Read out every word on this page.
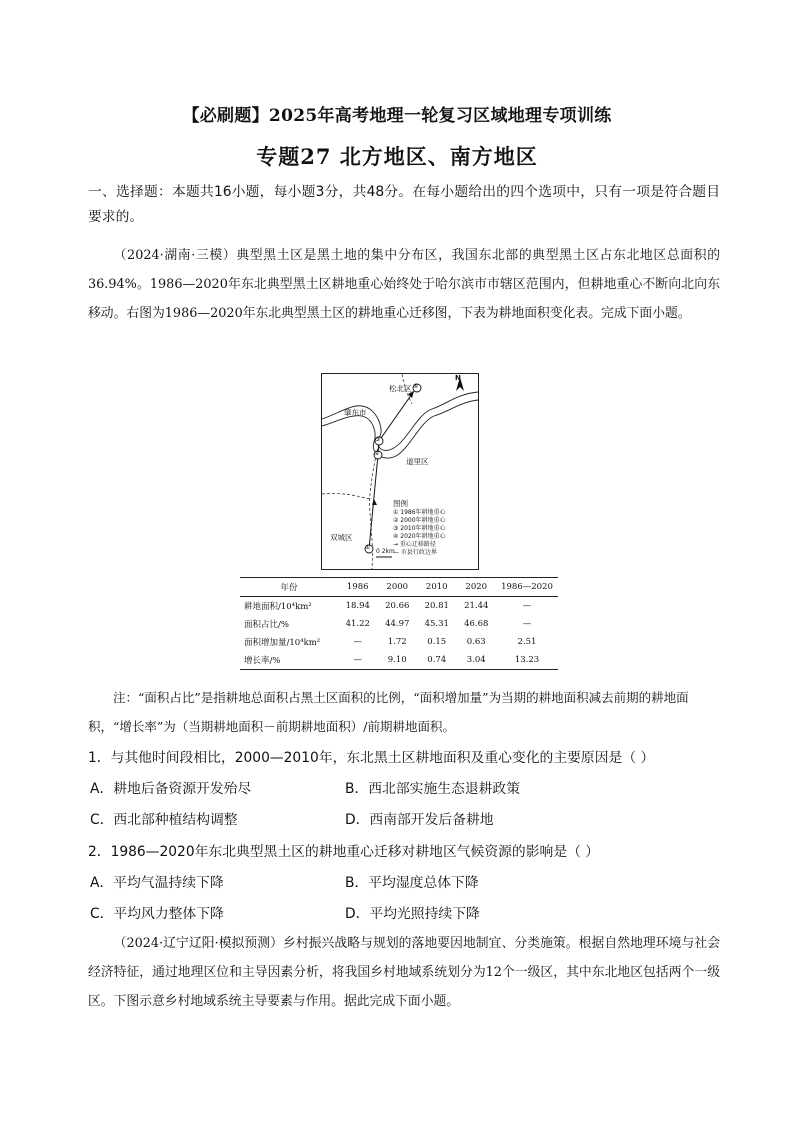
【必刷题】2025年高考地理一轮复习区域地理专项训练
专题27 北方地区、南方地区
一、选择题：本题共16小题，每小题3分，共48分。在每小题给出的四个选项中，只有一项是符合题目要求的。
（2024·湖南·三模）典型黑土区是黑土地的集中分布区，我国东北部的典型黑土区占东北地区总面积的36.94%。1986—2020年东北典型黑土区耕地重心始终处于哈尔滨市市辖区范围内，但耕地重心不断向北向东移动。右图为1986—2020年东北典型黑土区的耕地重心迁移图，下表为耕地面积变化表。完成下面小题。
①
②
③
④
松北区
肇东市
道里区
双城区
N
0 2km
图例
① 1986年耕地重心
② 2000年耕地重心
③ 2010年耕地重心
④ 2020年耕地重心
→ 重心迁移路径
— 市县行政边界
年份	1986	2000	2010	2020	1986—2020
耕地面积/10⁴km²	18.94	20.66	20.81	21.44	—
面积占比/%	41.22	44.97	45.31	46.68	—
面积增加量/10⁴km²	—	1.72	0.15	0.63	2.51
增长率/%	—	9.10	0.74	3.04	13.23
注：“面积占比”是指耕地总面积占黑土区面积的比例，“面积增加量”为当期的耕地面积减去前期的耕地面积，“增长率”为（当期耕地面积－前期耕地面积）/前期耕地面积。
1．与其他时间段相比，2000—2010年，东北黑土区耕地面积及重心变化的主要原因是（ ）
A．耕地后备资源开发殆尽	B．西北部实施生态退耕政策
C．西北部种植结构调整	D．西南部开发后备耕地
2．1986—2020年东北典型黑土区的耕地重心迁移对耕地区气候资源的影响是（ ）
A．平均气温持续下降	B．平均湿度总体下降
C．平均风力整体下降	D．平均光照持续下降
（2024·辽宁辽阳·模拟预测）乡村振兴战略与规划的落地要因地制宜、分类施策。根据自然地理环境与社会经济特征，通过地理区位和主导因素分析，将我国乡村地域系统划分为12个一级区，其中东北地区包括两个一级区。下图示意乡村地域系统主导要素与作用。据此完成下面小题。
